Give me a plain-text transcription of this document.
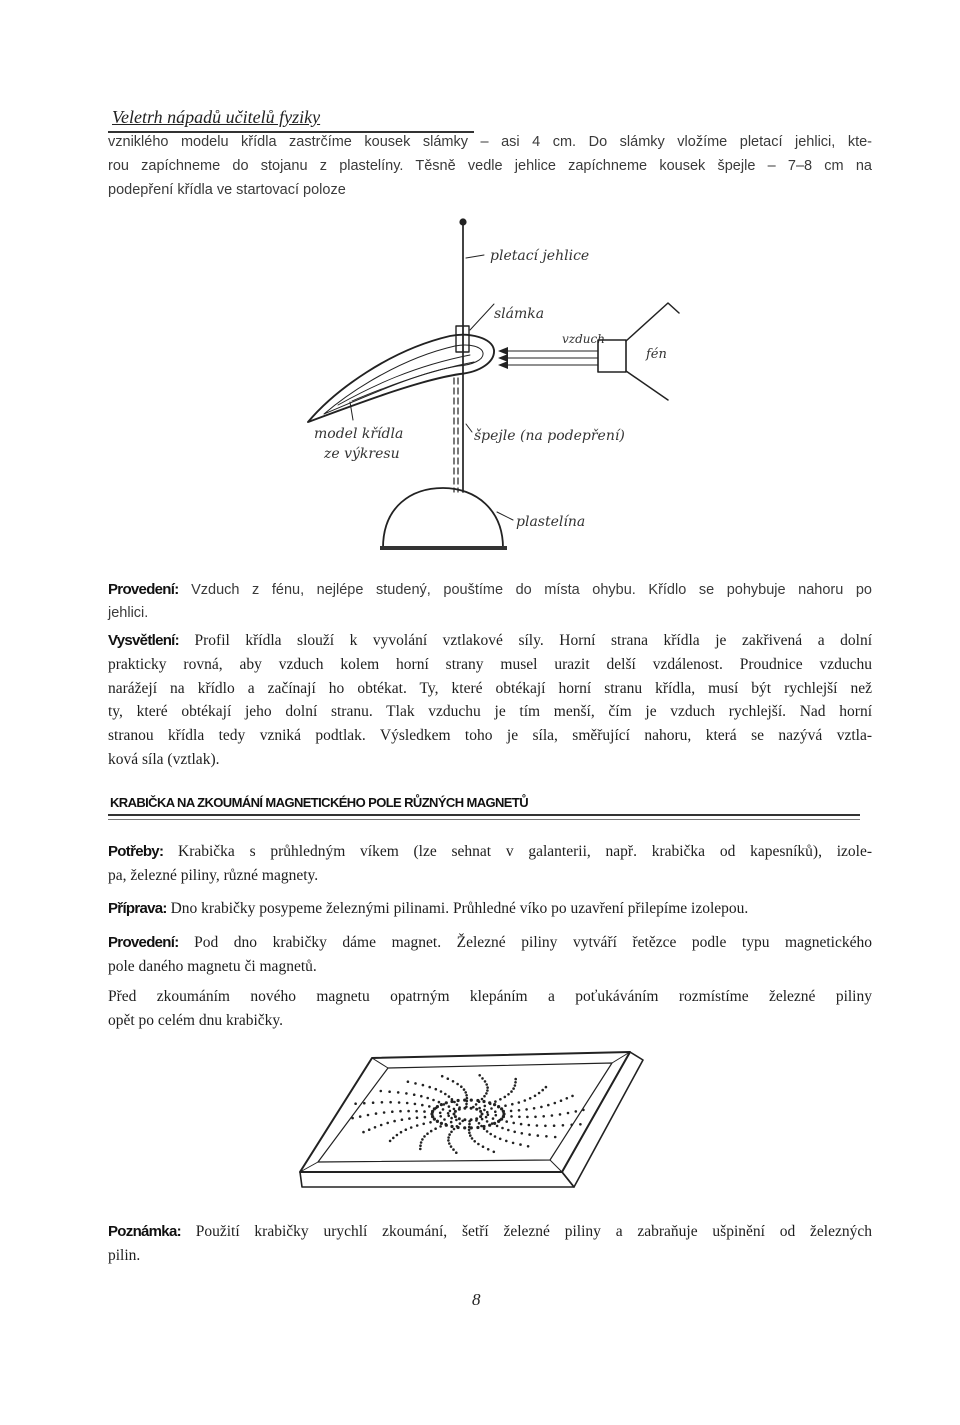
Veletrh nápadů učitelů fyziky
vzniklého modelu křídla zastrčíme kousek slámky – asi 4 cm. Do slámky vložíme pletací jehlici, kte-
rou zapíchneme do stojanu z plastelíny. Těsně vedle jehlice zapíchneme kousek špejle – 7–8 cm na
podepření křídla ve startovací poloze
pletací jehlice
slámka
model křídla
ze výkresu
špejle (na podepření)
vzduch
fén
plastelína
Provedení: Vzduch z fénu, nejlépe studený, pouštíme do místa ohybu. Křídlo se pohybuje nahoru po
jehlici.
Vysvětlení: Profil křídla slouží k vyvolání vztlakové síly. Horní strana křídla je zakřivená a dolní
prakticky rovná, aby vzduch kolem horní strany musel urazit delší vzdálenost. Proudnice vzduchu
narážejí na křídlo a začínají ho obtékat. Ty, které obtékají horní stranu křídla, musí být rychlejší než
ty, které obtékají jeho dolní stranu. Tlak vzduchu je tím menší, čím je vzduch rychlejší. Nad horní
stranou křídla tedy vzniká podtlak. Výsledkem toho je síla, směřující nahoru, která se nazývá vztla-
ková síla (vztlak).
KRABIČKA NA ZKOUMÁNÍ MAGNETICKÉHO POLE RŮZNÝCH MAGNETŮ
Potřeby: Krabička s průhledným víkem (lze sehnat v galanterii, např. krabička od kapesníků), izole-
pa, železné piliny, různé magnety.
Příprava: Dno krabičky posypeme železnými pilinami. Průhledné víko po uzavření přilepíme izolepou.
Provedení: Pod dno krabičky dáme magnet. Železné piliny vytváří řetězce podle typu magnetického
pole daného magnetu či magnetů.
Před zkoumáním nového magnetu opatrným klepáním a poťukáváním rozmístíme železné piliny
opět po celém dnu krabičky.
Poznámka: Použití krabičky urychlí zkoumání, šetří železné piliny a zabraňuje ušpinění od železných
pilin.
8
